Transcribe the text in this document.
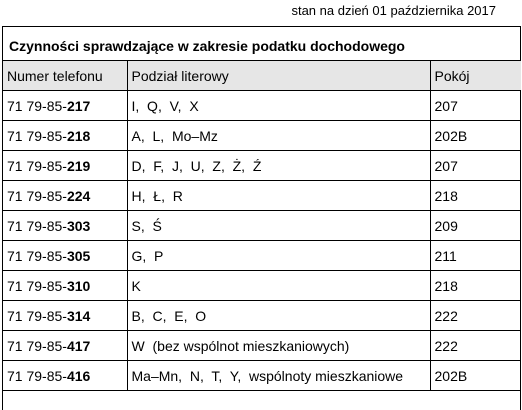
stan na dzień 01 października 2017
Czynności sprawdzające w zakresie podatku dochodowego
Numer telefonu	Podział literowy	Pokój
71 79-85-217	I,  Q,  V,  X	207
71 79-85-218	A,  L,  Mo–Mz	202B
71 79-85-219	D,  F,  J,  U,  Z,  Ż,  Ź	207
71 79-85-224	H,  Ł,  R	218
71 79-85-303	S,  Ś	209
71 79-85-305	G,  P	211
71 79-85-310	K	218
71 79-85-314	B,  C,  E,  O	222
71 79-85-417	W  (bez wspólnot mieszkaniowych)	222
71 79-85-416	Ma–Mn,  N,  T,  Y,  wspólnoty mieszkaniowe	202B
